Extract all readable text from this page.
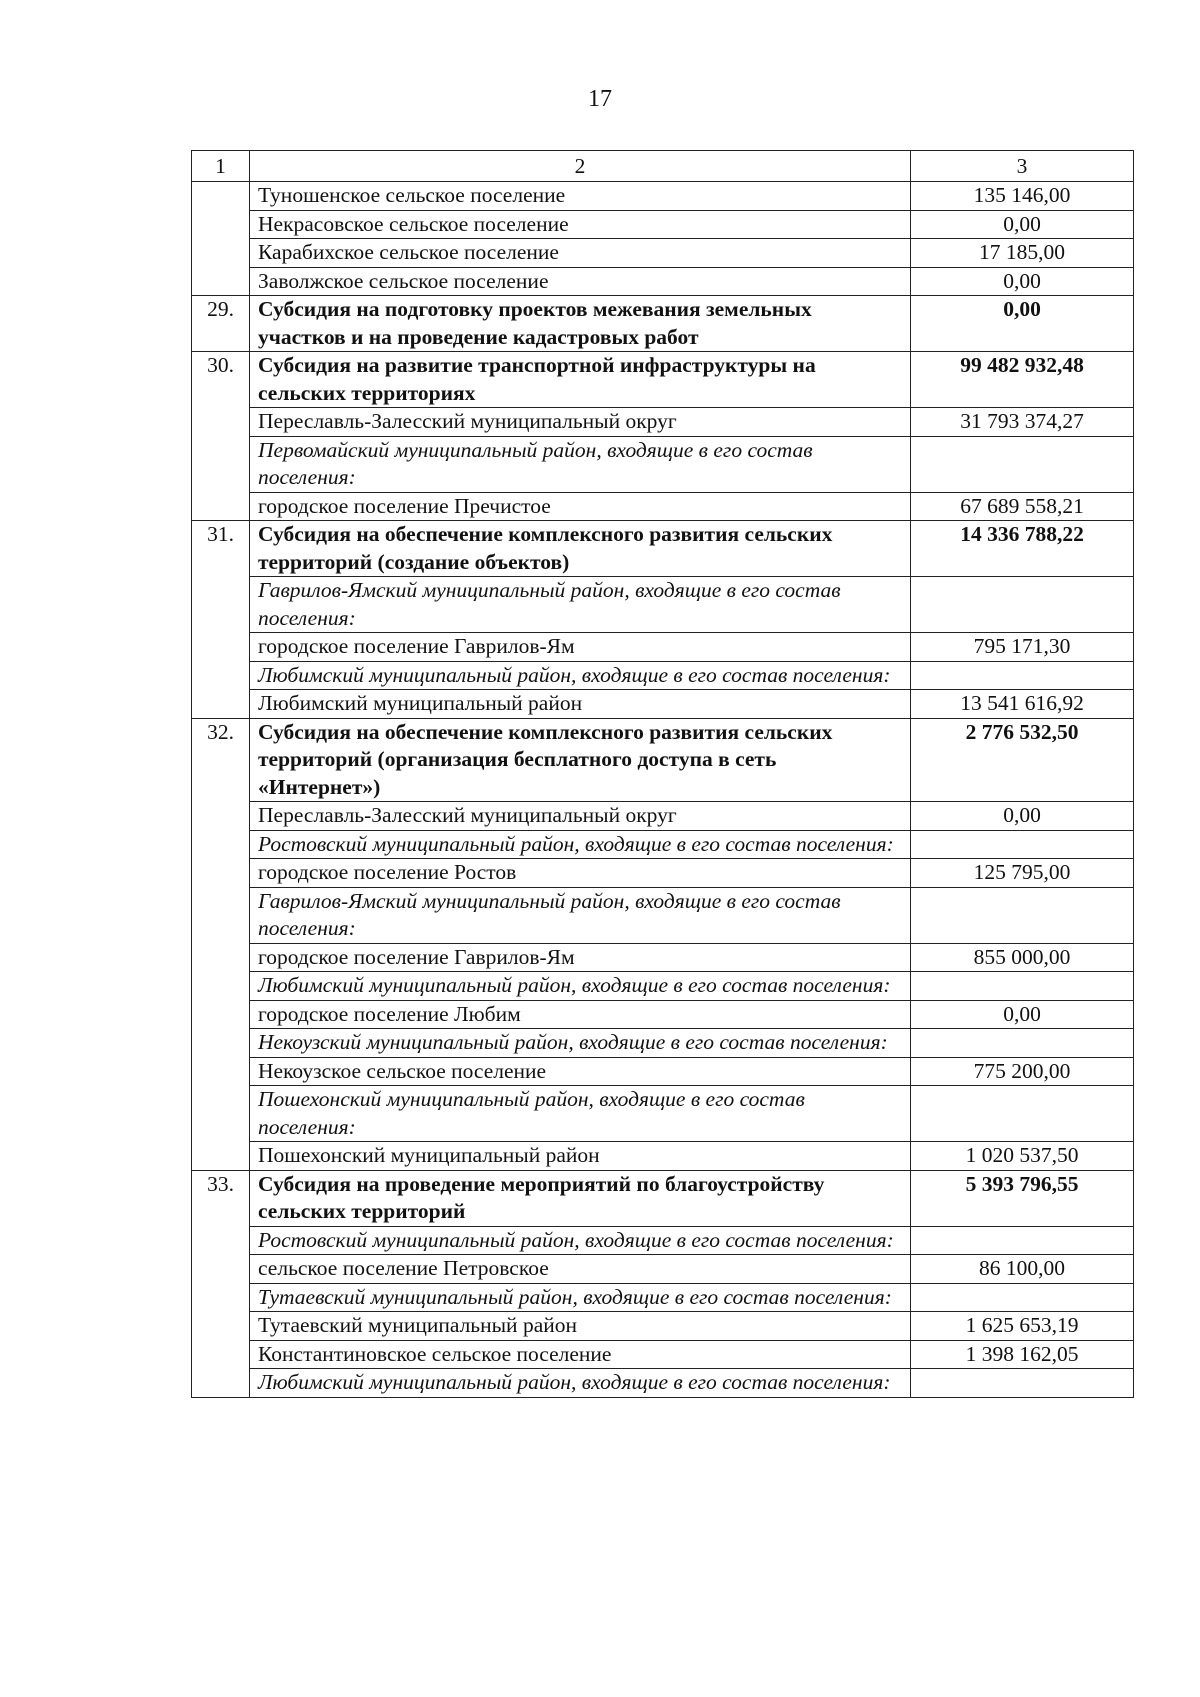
17
1	2	3
	Туношенское сельское поселение	135 146,00
	Некрасовское сельское поселение	0,00
	Карабихское сельское поселение	17 185,00
	Заволжское сельское поселение	0,00
29.	Субсидия на подготовку проектов межевания земельных участков и на проведение кадастровых работ	0,00
30.	Субсидия на развитие транспортной инфраструктуры на сельских территориях	99 482 932,48
	Переславль-Залесский муниципальный округ	31 793 374,27
	Первомайский муниципальный район, входящие в его состав поселения:	
	городское поселение Пречистое	67 689 558,21
31.	Субсидия на обеспечение комплексного развития сельских территорий (создание объектов)	14 336 788,22
	Гаврилов-Ямский муниципальный район, входящие в его состав поселения:	
	городское поселение Гаврилов-Ям	795 171,30
	Любимский муниципальный район, входящие в его состав поселения:	
	Любимский муниципальный район	13 541 616,92
32.	Субсидия на обеспечение комплексного развития сельских территорий (организация бесплатного доступа в сеть «Интернет»)	2 776 532,50
	Переславль-Залесский муниципальный округ	0,00
	Ростовский муниципальный район, входящие в его состав поселения:	
	городское поселение Ростов	125 795,00
	Гаврилов-Ямский муниципальный район, входящие в его состав поселения:	
	городское поселение Гаврилов-Ям	855 000,00
	Любимский муниципальный район, входящие в его состав поселения:	
	городское поселение Любим	0,00
	Некоузский муниципальный район, входящие в его состав поселения:	
	Некоузское сельское поселение	775 200,00
	Пошехонский муниципальный район, входящие в его состав поселения:	
	Пошехонский муниципальный район	1 020 537,50
33.	Субсидия на проведение мероприятий по благоустройству сельских территорий	5 393 796,55
	Ростовский муниципальный район, входящие в его состав поселения:	
	сельское поселение Петровское	86 100,00
	Тутаевский муниципальный район, входящие в его состав поселения:	
	Тутаевский муниципальный район	1 625 653,19
	Константиновское сельское поселение	1 398 162,05
	Любимский муниципальный район, входящие в его состав поселения:	
